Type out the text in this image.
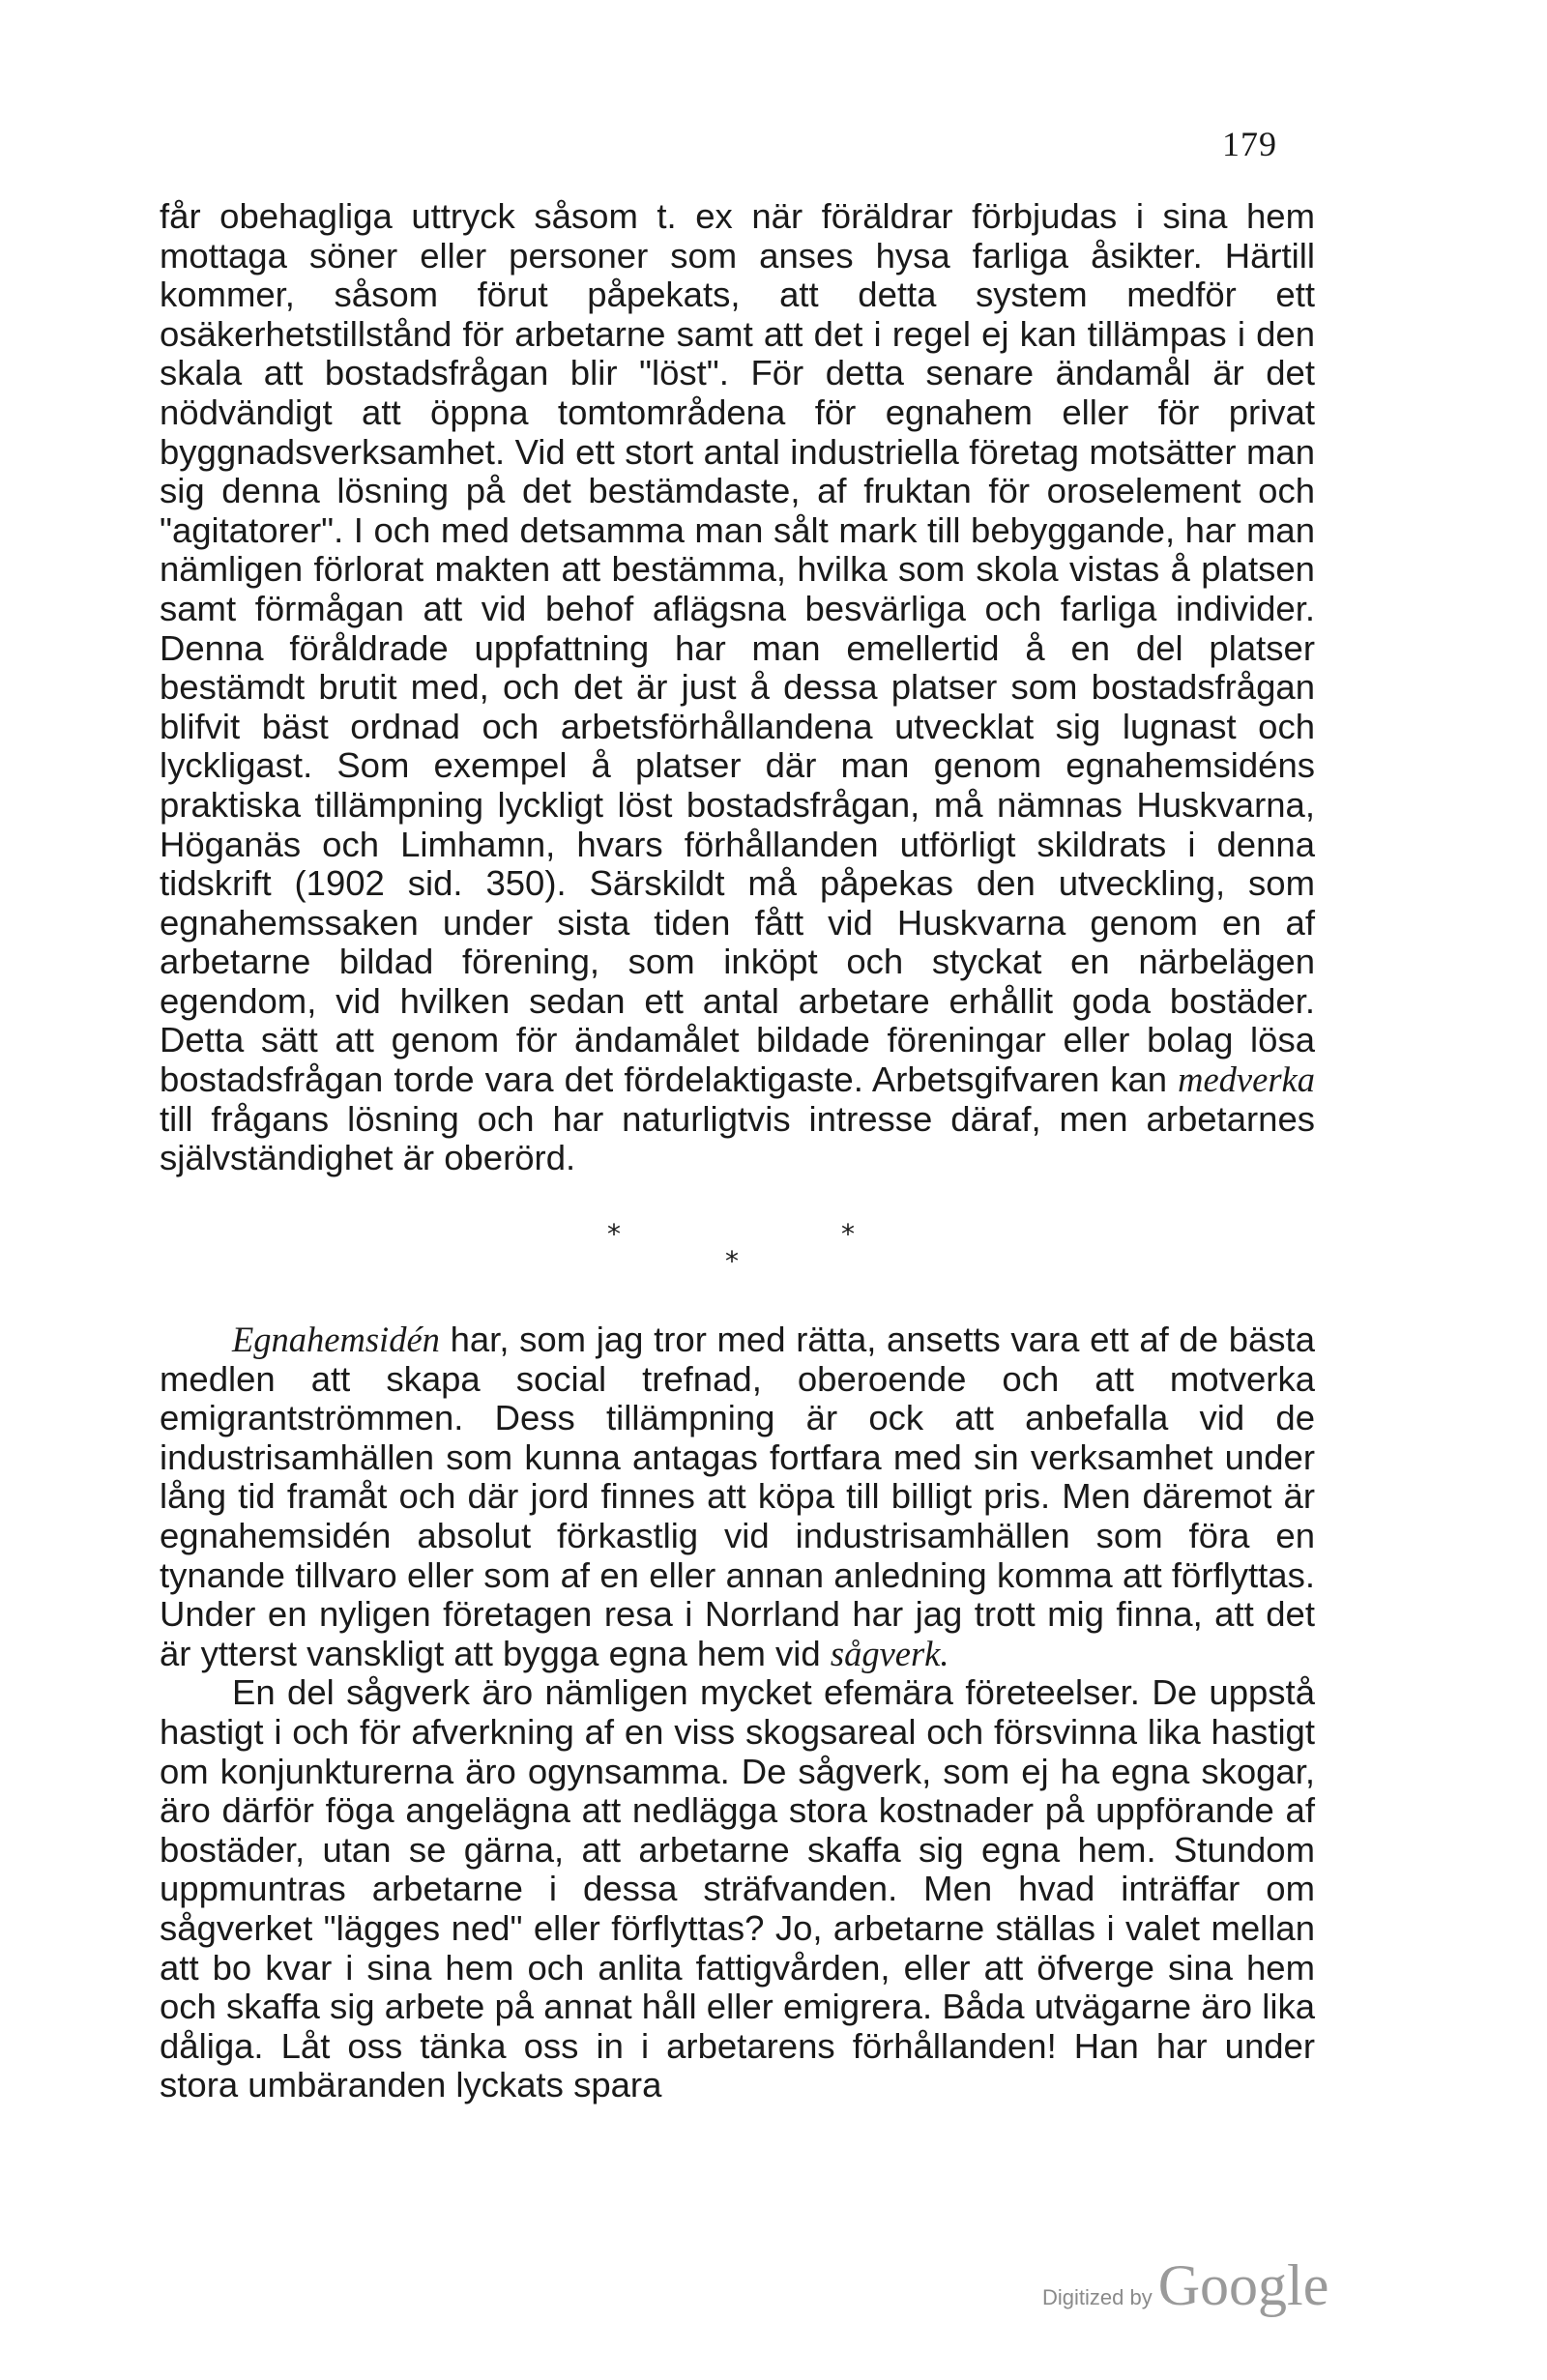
179

får obehagliga uttryck såsom t. ex när föräldrar förbjudas i sina hem mottaga söner eller personer som anses hysa farliga åsikter. Härtill kommer, såsom förut påpekats, att detta system medför ett osäkerhetstillstånd för arbetarne samt att det i regel ej kan tillämpas i den skala att bostadsfrågan blir "löst". För detta senare ändamål är det nödvändigt att öppna tomtområdena för egnahem eller för privat byggnadsverksamhet. Vid ett stort antal industriella företag motsätter man sig denna lösning på det bestämdaste, af fruktan för oroselement och "agitatorer". I och med detsamma man sålt mark till bebyggande, har man nämligen förlorat makten att bestämma, hvilka som skola vistas å platsen samt förmågan att vid behof aflägsna besvärliga och farliga individer. Denna föråldrade uppfattning har man emellertid å en del platser bestämdt brutit med, och det är just å dessa platser som bostadsfrågan blifvit bäst ordnad och arbetsförhållandena utvecklat sig lugnast och lyckligast. Som exempel å platser där man genom egnahemsidéns praktiska tillämpning lyckligt löst bostadsfrågan, må nämnas Huskvarna, Höganäs och Limhamn, hvars förhållanden utförligt skildrats i denna tidskrift (1902 sid. 350). Särskildt må påpekas den utveckling, som egnahemssaken under sista tiden fått vid Huskvarna genom en af arbetarne bildad förening, som inköpt och styckat en närbelägen egendom, vid hvilken sedan ett antal arbetare erhållit goda bostäder. Detta sätt att genom för ändamålet bildade föreningar eller bolag lösa bostadsfrågan torde vara det fördelaktigaste. Arbetsgifvaren kan medverka till frågans lösning och har naturligtvis intresse däraf, men arbetarnes självständighet är oberörd.

*	*
*

Egnahemsidén har, som jag tror med rätta, ansetts vara ett af de bästa medlen att skapa social trefnad, oberoende och att motverka emigrantströmmen. Dess tillämpning är ock att anbefalla vid de industrisamhällen som kunna antagas fortfara med sin verksamhet under lång tid framåt och där jord finnes att köpa till billigt pris. Men däremot är egnahemsidén absolut förkastlig vid industrisamhällen som föra en tynande tillvaro eller som af en eller annan anledning komma att förflyttas. Under en nyligen företagen resa i Norrland har jag trott mig finna, att det är ytterst vanskligt att bygga egna hem vid sågverk.

En del sågverk äro nämligen mycket efemära företeelser. De uppstå hastigt i och för afverkning af en viss skogsareal och försvinna lika hastigt om konjunkturerna äro ogynsamma. De sågverk, som ej ha egna skogar, äro därför föga angelägna att nedlägga stora kostnader på uppförande af bostäder, utan se gärna, att arbetarne skaffa sig egna hem. Stundom uppmuntras arbetarne i dessa sträfvanden. Men hvad inträffar om sågverket "lägges ned" eller förflyttas? Jo, arbetarne ställas i valet mellan att bo kvar i sina hem och anlita fattigvården, eller att öfverge sina hem och skaffa sig arbete på annat håll eller emigrera. Båda utvägarne äro lika dåliga. Låt oss tänka oss in i arbetarens förhållanden! Han har under stora umbäranden lyckats spara

Digitized by Google
